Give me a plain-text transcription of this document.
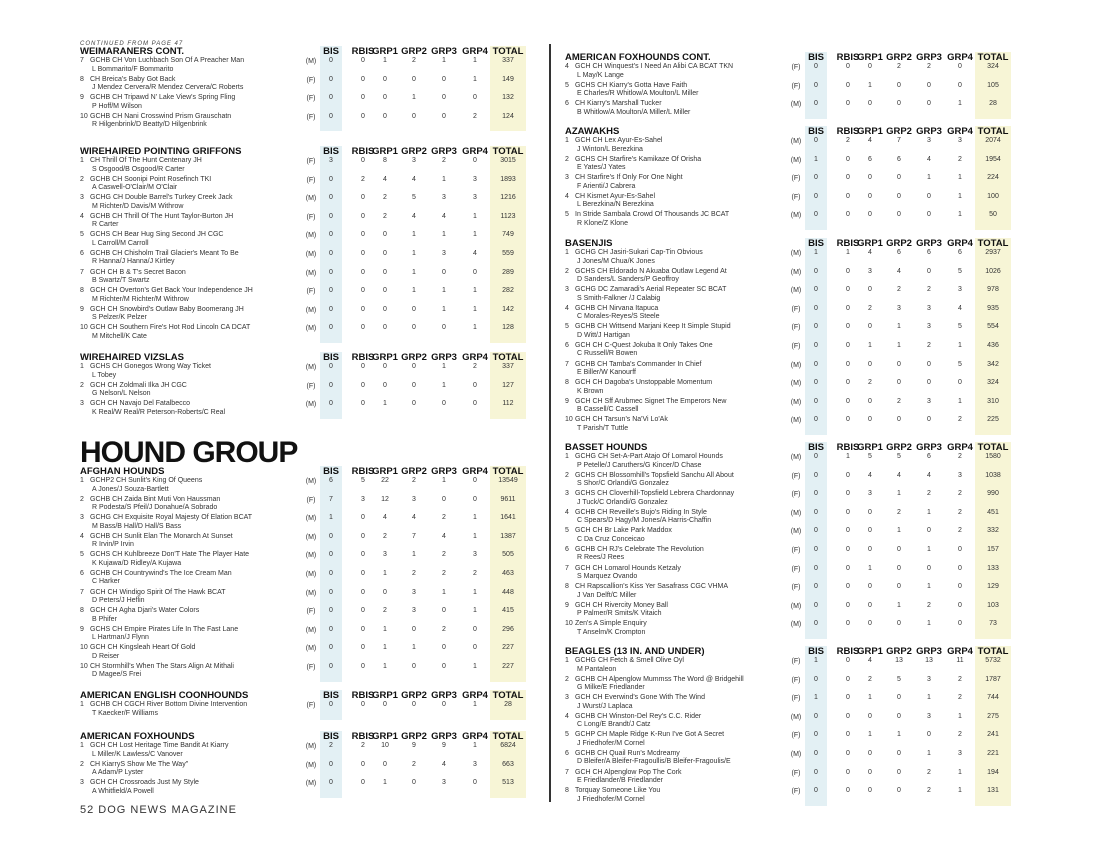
CONTINUED FROM PAGE 47
WEIMARANERS CONT.	BIS	RBIS
GRP1 GRP2 GRP3 GRP4 TOTAL
7 GCHB CH Von Luchbach Son Of A Preacher Man
L Bommarito/F Bommarito
(M)	0	0	1	2	1	1	337
8 CH Breica's Baby Got Back
J Mendez Cervera/R Mendez Cervera/C Roberts
(F)	0	0	0	0	0	1	149
9 GCHB CH Tripawd N' Lake View's Spring Fling
P Hoff/M Wilson
(F)	0	0	0	1	0	0	132
10 GCHB CH Nani Crosswind Prism Grauschatn
R Hilgenbrink/D Beatty/D Hilgenbrink
(F)	0	0	0	0	0	2	124
WIREHAIRED POINTING GRIFFONS	BIS	RBIS
GRP1 GRP2 GRP3 GRP4 TOTAL
1 CH Thrill Of The Hunt Centenary JH
S Osgood/B Osgood/R Carter
(F)	3	0	8	3	2	0	3015
2 GCHB CH Soonipi Point Rosefinch TKI
A Caswell-O'Clair/M O'Clair
(F)	0	2	4	4	1	3	1893
3 GCHG CH Double Barrel's Turkey Creek Jack
M Richter/D Davis/M Withrow
(M)	0	0	2	5	3	3	1216
4 GCHB CH Thrill Of The Hunt Taylor-Burton JH
R Carter
(F)	0	0	2	4	4	1	1123
5 GCHS CH Bear Hug Sing Second JH CGC
L Carroll/M Carroll
(M)	0	0	0	1	1	1	749
6 GCHB CH Chisholm Trail Glacier's Meant To Be
R Hanna/J Hanna/J Kirtley
(M)	0	0	0	1	3	4	559
7 GCH CH B & T's Secret Bacon
B Swartz/T Swartz
(M)	0	0	0	1	0	0	289
8 GCH CH Overton's Get Back Your Independence JH
M Richter/M Richter/M Withrow
(F)	0	0	0	1	1	1	282
9 GCH CH Snowbird's Outlaw Baby Boomerang JH
S Pelzer/K Pelzer
(M)	0	0	0	0	1	1	142
10 GCH CH Southern Fire's Hot Rod Lincoln CA DCAT
M Mitchell/K Cate
(M)	0	0	0	0	0	1	128
WIREHAIRED VIZSLAS	BIS	RBIS
GRP1 GRP2 GRP3 GRP4 TOTAL
1 GCHS CH Gonegos Wrong Way Ticket
L Tobey
(M)	0	0	0	0	1	2	337
2 GCH CH Zoldmali Ilka JH CGC
G Nelson/L Nelson
(F)	0	0	0	0	1	0	127
3 GCH CH Navajo Del Fatalbecco
K Real/W Real/R Peterson-Roberts/C Real
(M)	0	0	1	0	0	0	112
AFGHAN HOUNDS	BIS	RBIS
GRP1 GRP2 GRP3 GRP4 TOTAL
1 GCHP2 CH Sunlit's King Of Queens
A Jones/J Souza-Bartlett
(M)	6	5	22	2	1	0	13549
2 GCHB CH Zaida Bint Muti Von Haussman
R Podesta/S Pfeil/J Donahue/A Sobrado
(F)	7	3	12	3	0	0	9611
3 GCHG CH Exquisite Royal Majesty Of Elation BCAT
M Bass/B Hall/D Hall/S Bass
(M)	1	0	4	4	2	1	1641
4 GCHB CH Sunlit Elan The Monarch At Sunset
R Irvin/P Irvin
(M)	0	0	2	7	4	1	1387
5 GCHS CH Kuhlbreeze Don'T Hate The Player Hate
K Kujawa/D Ridley/A Kujawa
(M)	0	0	3	1	2	3	505
6 GCHB CH Countrywind's The Ice Cream Man
C Harker
(M)	0	0	1	2	2	2	463
7 GCH CH Windigo Spirit Of The Hawk BCAT
D Peters/J Heflin
(M)	0	0	0	3	1	1	448
8 GCH CH Agha Djari's Water Colors
B Phifer
(F)	0	0	2	3	0	1	415
9 GCHS CH Empire Pirates Life In The Fast Lane
L Hartman/J Flynn
(M)	0	0	1	0	2	0	296
10 GCH CH Kingsleah Heart Of Gold
D Reiser
(M)	0	0	1	1	0	0	227
10 CH Stormhill's When The Stars Align At Mithali
D Magee/S Frei
(F)	0	0	1	0	0	1	227
AMERICAN ENGLISH COONHOUNDS	BIS	RBIS
GRP1 GRP2 GRP3 GRP4 TOTAL
1 GCHB CH CGCH River Bottom Divine Intervention
T Kaecker/F Williams
(F)	0	0	0	0	0	1	28
AMERICAN FOXHOUNDS	BIS	RBIS
GRP1 GRP2 GRP3 GRP4 TOTAL
1 GCH CH Lost Heritage Time Bandit At Kiarry
L Miller/K Lawless/C Vanover
(M)	2	2	10	9	9	1	6824
2 CH KiarryS Show Me The Way"
A Adam/P Lyster
(M)	0	0	0	2	4	3	663
3 GCH CH Crossroads Just My Style
A Whitfield/A Powell
(M)	0	0	1	0	3	0	513
AMERICAN FOXHOUNDS CONT.	BIS	RBIS
GRP1 GRP2 GRP3 GRP4 TOTAL
4 GCH CH Winquest's I Need An Alibi CA BCAT TKN
L May/K Lange
(F)	0	0	0	2	2	0	324
5 GCHS CH Kiarry's Gotta Have Faith
E Charles/R Whitlow/A Moulton/L Miller
(F)	0	0	1	0	0	0	105
6 CH Kiarry's Marshall Tucker
B Whitlow/A Moulton/A Miller/L Miller
(M)	0	0	0	0	0	1	28
AZAWAKHS	BIS	RBIS
GRP1 GRP2 GRP3 GRP4 TOTAL
1 GCH CH Lex Ayur-Es-Sahel
J Winton/L Berezkina
(M)	0	2	4	7	3	3	2074
2 GCHS CH Starfire's Kamikaze Of Orisha
E Yates/J Yates
(M)	1	0	6	6	4	2	1954
3 CH Starfire's If Only For One Night
F Arienti/J Cabrera
(F)	0	0	0	0	1	1	224
4 CH Kismet Ayur-Es-Sahel
L Berezkina/N Berezkina
(F)	0	0	0	0	0	1	100
5 In Stride Sambala Crowd Of Thousands JC BCAT
R Klone/Z Klone
(M)	0	0	0	0	0	1	50
BASENJIS	BIS	RBIS
GRP1 GRP2 GRP3 GRP4 TOTAL
1 GCHG CH Jasiri-Sukari Cap-Tin Obvious
J Jones/M Chua/K Jones
(M)	1	1	4	6	6	6	2937
2 GCHS CH Eldorado N Akuaba Outlaw Legend At
D Sanders/L Sanders/P Geoffroy
(M)	0	0	3	4	0	5	1026
3 GCHG DC Zamaradi's Aerial Repeater SC BCAT
S Smith-Falkner /J Calabig
(M)	0	0	0	2	2	3	978
4 GCHB CH Nirvana Itapuca
C Morales-Reyes/S Steele
(F)	0	0	2	3	3	4	935
5 GCHB CH Wittsend Marjani Keep It Simple Stupid
D Witt/J Hartigan
(F)	0	0	0	1	3	5	554
6 GCH CH C-Quest Jokuba It Only Takes One
C Russell/R Bowen
(F)	0	0	1	1	2	1	436
7 GCHB CH Tamba's Commander In Chief
E Biller/W Kanourff
(M)	0	0	0	0	0	5	342
8 GCH CH Dagoba's Unstoppable Momentum
K Brown
(M)	0	0	2	0	0	0	324
9 GCH CH Sff Arubmec Signet The Emperors New
B Cassell/C Cassell
(M)	0	0	0	2	3	1	310
10 GCH CH Tarsun's Na'Vi Lo'Ak
T Parish/T Tuttle
(M)	0	0	0	0	0	2	225
BASSET HOUNDS	BIS	RBIS
GRP1 GRP2 GRP3 GRP4 TOTAL
1 GCHG CH Set-A-Part Atajo Of Lomarol Hounds
P Petelle/J Caruthers/G Kincer/D Chase
(M)	0	1	5	5	6	2	1580
2 GCHS CH Blossomhill's Topsfield Sanchu All About
S Shor/C Orlandi/G Gonzalez
(F)	0	0	4	4	4	3	1038
3 GCHS CH Cloverhill-Topsfield Lebrera Chardonnay
J Tuck/C Orlandi/G Gonzalez
(F)	0	0	3	1	2	2	990
4 GCHB CH Reveille's Bujo's Riding In Style
C Spears/D Hagy/M Jones/A Harris-Chaffin
(M)	0	0	0	2	1	2	451
5 GCH CH Br Lake Park Maddox
C Da Cruz Conceicao
(M)	0	0	0	1	0	2	332
6 GCHB CH RJ's Celebrate The Revolution
R Rees/J Rees
(F)	0	0	0	0	1	0	157
7 GCH CH Lomarol Hounds Ketzaly
S Marquez Ovando
(F)	0	0	1	0	0	0	133
8 CH Rapscallion's Kiss Yer Sasafrass CGC VHMA
J Van Delft/C Miller
(F)	0	0	0	0	1	0	129
9 GCH CH Rivercity Money Ball
P Palmer/R Smits/K Vitaich
(M)	0	0	0	1	2	0	103
10 Zen's A Simple Enquiry
T Anselm/K Crompton
(M)	0	0	0	0	1	0	73
BEAGLES (13 IN. AND UNDER)	BIS	RBIS
GRP1 GRP2 GRP3 GRP4 TOTAL
1 GCHG CH Fetch & Smell Olive Oyl
M Pantaleon
(F)	1	0	4	13	13	11	5732
2 GCHB CH Alpenglow Mummss The Word @ Bridgehill
G Milke/E Friedlander
(F)	0	0	2	5	3	2	1787
3 GCH CH Everwind's Gone With The Wind
J Wurst/J Laplaca
(F)	1	0	1	0	1	2	744
4 GCHB CH Winston-Del Rey's C.C. Rider
C Long/E Brandt/J Catz
(M)	0	0	0	0	3	1	275
5 GCHP CH Maple Ridge K-Run I've Got A Secret
J Friedhofer/M Cornel
(F)	0	0	1	1	0	2	241
6 GCHB CH Quail Run's Mcdreamy
D Bleifer/A Bleifer-Fragoullis/B Bleifer-Fragoulis/E
(M)	0	0	0	0	1	3	221
7 GCH CH Alpenglow Pop The Cork
E Friedlander/B Friedlander
(F)	0	0	0	0	2	1	194
8 Torquay Someone Like You
J Friedhofer/M Cornel
(F)	0	0	0	0	2	1	131
HOUND GROUP
52 DOG NEWS MAGAZINE
